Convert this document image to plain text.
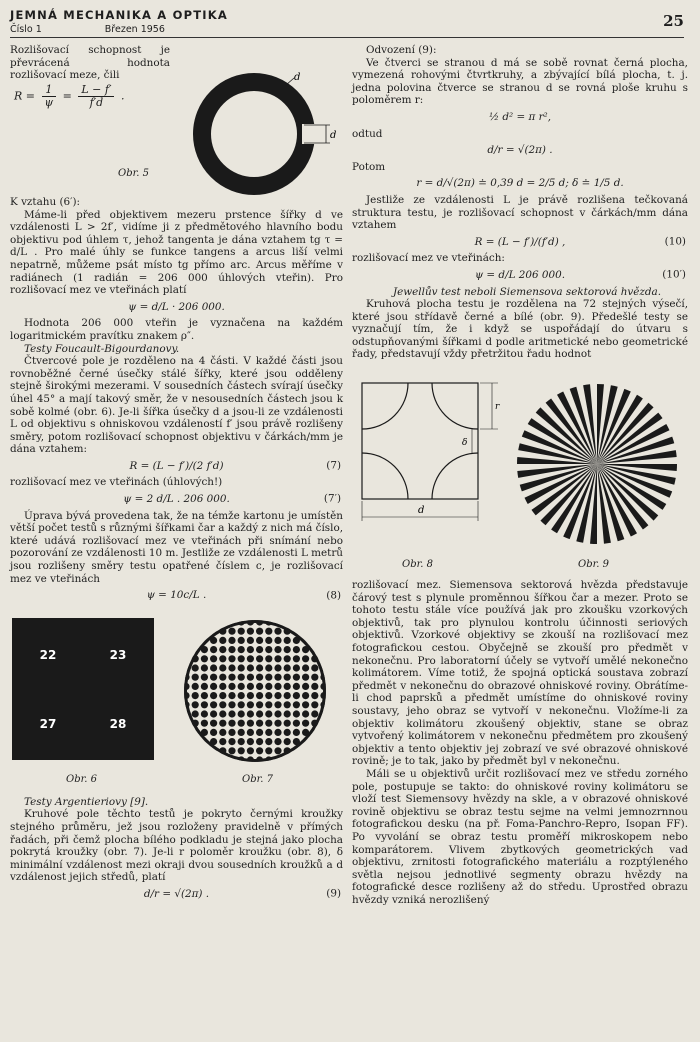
JEMNÁ MECHANIKA A OPTIKA
Číslo 1	Březen 1956	25

Rozlišovací schopnost je převrácená hodnota rozlišovací meze, čili

$R = \frac{1}{\psi} = \frac{L - f'}{f'd}$ .
d
d
Obr. 5

K vztahu (6′):

Máme-li před objektivem mezeru prstence šířky d ve vzdálenosti L > 2f′, vidíme ji z předmětového hlavního bodu objektivu pod úhlem τ, jehož tangenta je dána vztahem tg τ = d/L . Pro malé úhly se funkce tangens a arcus liší velmi nepatrně, můžeme psát místo tg přímo arc. Arcus měříme v radiánech (1 radián = 206 000 úhlových vteřin). Pro rozlišovací mez ve vteřinách platí

ψ = d/L · 206 000.

Hodnota 206 000 vteřin je vyznačena na každém logaritmickém pravítku znakem ρ″.

Testy Foucault-Bigourdanovy.

Čtvercové pole je rozděleno na 4 části. V každé části jsou rovnoběžné černé úsečky stálé šířky, které jsou odděleny stejně širokými mezerami. V sousedních částech svírají úsečky úhel 45° a mají takový směr, že v nesousedních částech jsou k sobě kolmé (obr. 6). Je-li šířka úsečky d a jsou-li ze vzdálenosti L od objektivu s ohniskovou vzdáleností f′ jsou právě rozlišeny směry, potom rozlišovací schopnost objektivu v čárkách/mm je dána vztahem:

R = (L − f′)/(2 f′d)	(7)

rozlišovací mez ve vteřinách (úhlových!)

ψ = 2 d/L . 206 000.	(7′)

Úprava bývá provedena tak, že na témže kartonu je umístěn větší počet testů s různými šířkami čar a každý z nich má číslo, které udává rozlišovací mez ve vteřinách při snímání nebo pozorování ze vzdálenosti 10 m. Jestliže ze vzdálenosti L metrů jsou rozlišeny směry testu opatřené číslem c, je rozlišovací mez ve vteřinách

ψ = 10c/L .	(8)
22	23
27	28
Obr. 6	Obr. 7

Testy Argentieriovy [9].

Kruhové pole těchto testů je pokryto černými kroužky stejného průměru, jež jsou rozloženy pravidelně v přímých řadách, při čemž plocha bílého podkladu je stejná jako plocha pokrytá kroužky (obr. 7). Je-li r poloměr kroužku (obr. 8), δ minimální vzdálenost mezi okraji dvou sousedních kroužků a d vzdálenost jejich středů, platí

d/r = √(2π) .	(9)

Odvození (9):

Ve čtverci se stranou d má se sobě rovnat černá plocha, vymezená rohovými čtvrtkruhy, a zbývající bílá plocha, t. j. jedna polovina čtverce se stranou d se rovná ploše kruhu s poloměrem r:

½ d² = π r²,

odtud

d/r = √(2π) .

Potom

r = d/√(2π) ≐ 0,39 d = 2/5 d; δ ≐ 1/5 d.

Jestliže ze vzdálenosti L je právě rozlišena tečkovaná struktura testu, je rozlišovací schopnost v čárkách/mm dána vztahem

R = (L − f′)/(f′d) ,	(10)

rozlišovací mez ve vteřinách:

ψ = d/L 206 000.	(10′)

Jewellův test neboli Siemensova sektorová hvězda.

Kruhová plocha testu je rozdělena na 72 stejných výsečí, které jsou střídavě černé a bílé (obr. 9). Předešlé testy se vyznačují tím, že i když se uspořádají do útvaru s odstupňovanými šířkami d podle aritmetické nebo geometrické řady, představují vždy přetržitou řadu hodnot

r
δ
d
Obr. 8	Obr. 9

rozlišovací mez. Siemensova sektorová hvězda představuje čárový test s plynule proměnnou šířkou čar a mezer. Proto se tohoto testu stále více používá jak pro zkoušku vzorkových objektivů, tak pro plynulou kontrolu účinnosti seriových objektivů. Vzorkové objektivy se zkouší na rozlišovací mez fotografickou cestou. Obyčejně se zkouší pro předmět v nekonečnu. Pro laboratorní účely se vytvoří umělé nekonečno kolimátorem. Víme totiž, že spojná optická soustava zobrazí předmět v nekonečnu do obrazové ohniskové roviny. Obrátíme-li chod paprsků a předmět umístíme do ohniskové roviny soustavy, jeho obraz se vytvoří v nekonečnu. Vložíme-li za objektiv kolimátoru zkoušený objektiv, stane se obraz vytvořený kolimátorem v nekonečnu předmětem pro zkoušený objektiv a tento objektiv jej zobrazí ve své obrazové ohniskové rovině; je to tak, jako by předmět byl v nekonečnu.

Máli se u objektivů určit rozlišovací mez ve středu zorného pole, postupuje se takto: do ohniskové roviny kolimátoru se vloží test Siemensovy hvězdy na skle, a v obrazové ohniskové rovině objektivu se obraz testu sejme na velmi jemnozrnnou fotografickou desku (na př. Foma-Panchro-Repro, Isopan FF). Po vyvolání se obraz testu proměří mikroskopem nebo komparátorem. Vlivem zbytkových geometrických vad objektivu, zrnitosti fotografického materiálu a rozptýleného světla nejsou jednotlivé segmenty obrazu hvězdy na fotografické desce rozlišeny až do středu. Uprostřed obrazu hvězdy vzniká nerozlišený
